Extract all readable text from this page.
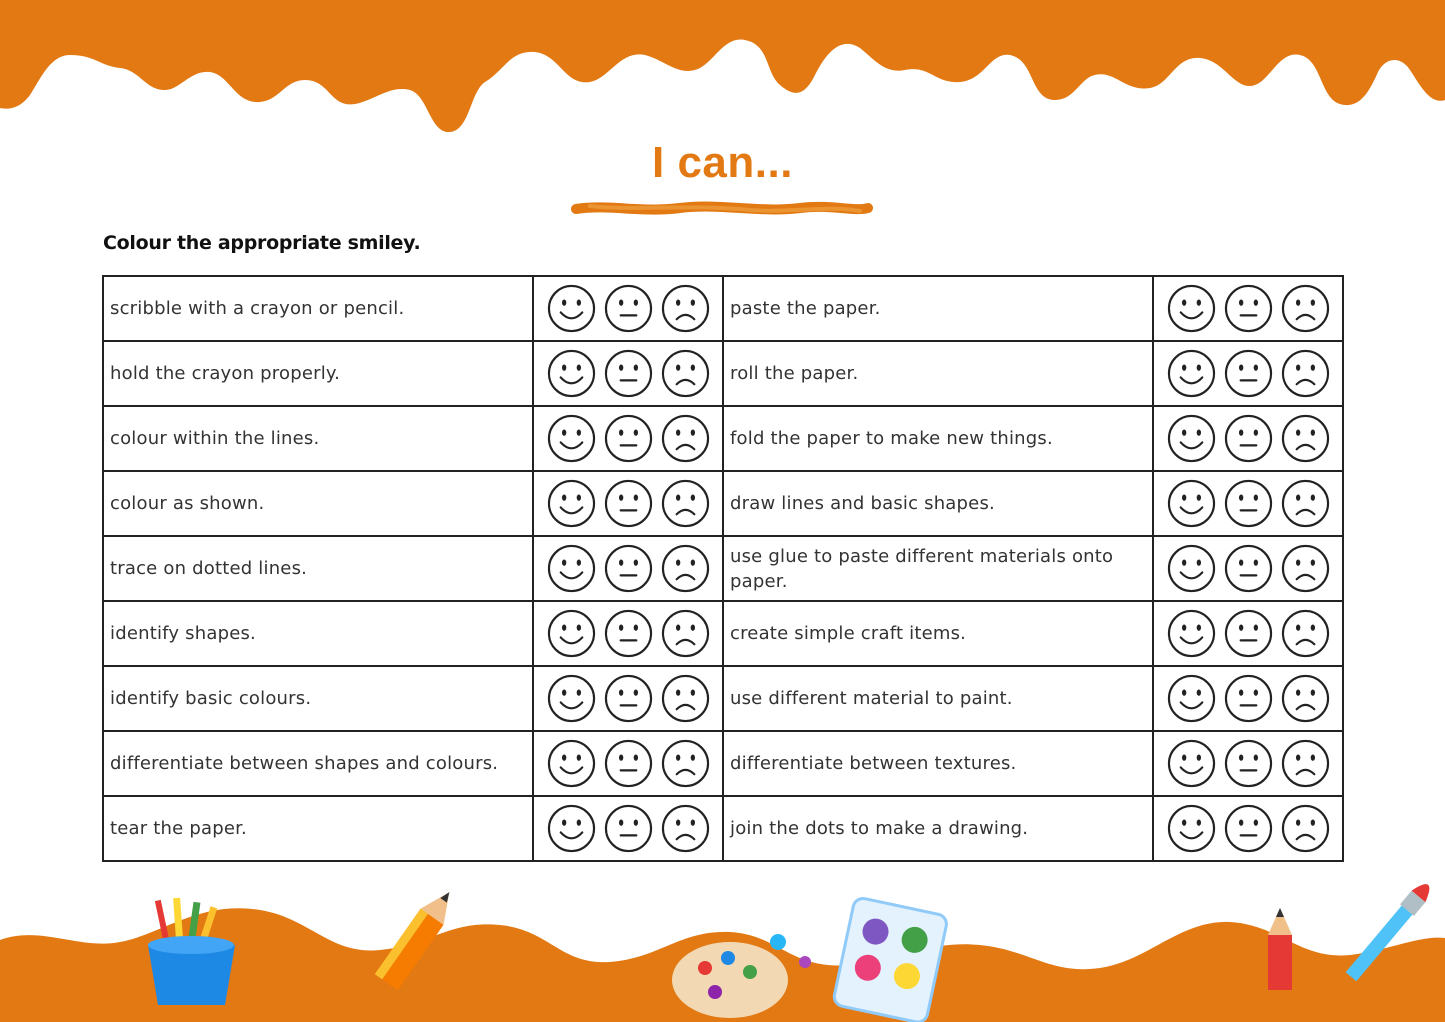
I can...
Colour the appropriate smiley.
scribble with a crayon or pencil.		paste the paper.	

hold the crayon properly.		roll the paper.	

colour within the lines.		fold the paper to make new things.	

colour as shown.		draw lines and basic shapes.	

trace on dotted lines.		use glue to paste different materials onto paper.	

identify shapes.		create simple craft items.	

identify basic colours.		use different material to paint.	

differentiate between shapes and colours.		differentiate between textures.	

tear the paper.		join the dots to make a drawing.	
